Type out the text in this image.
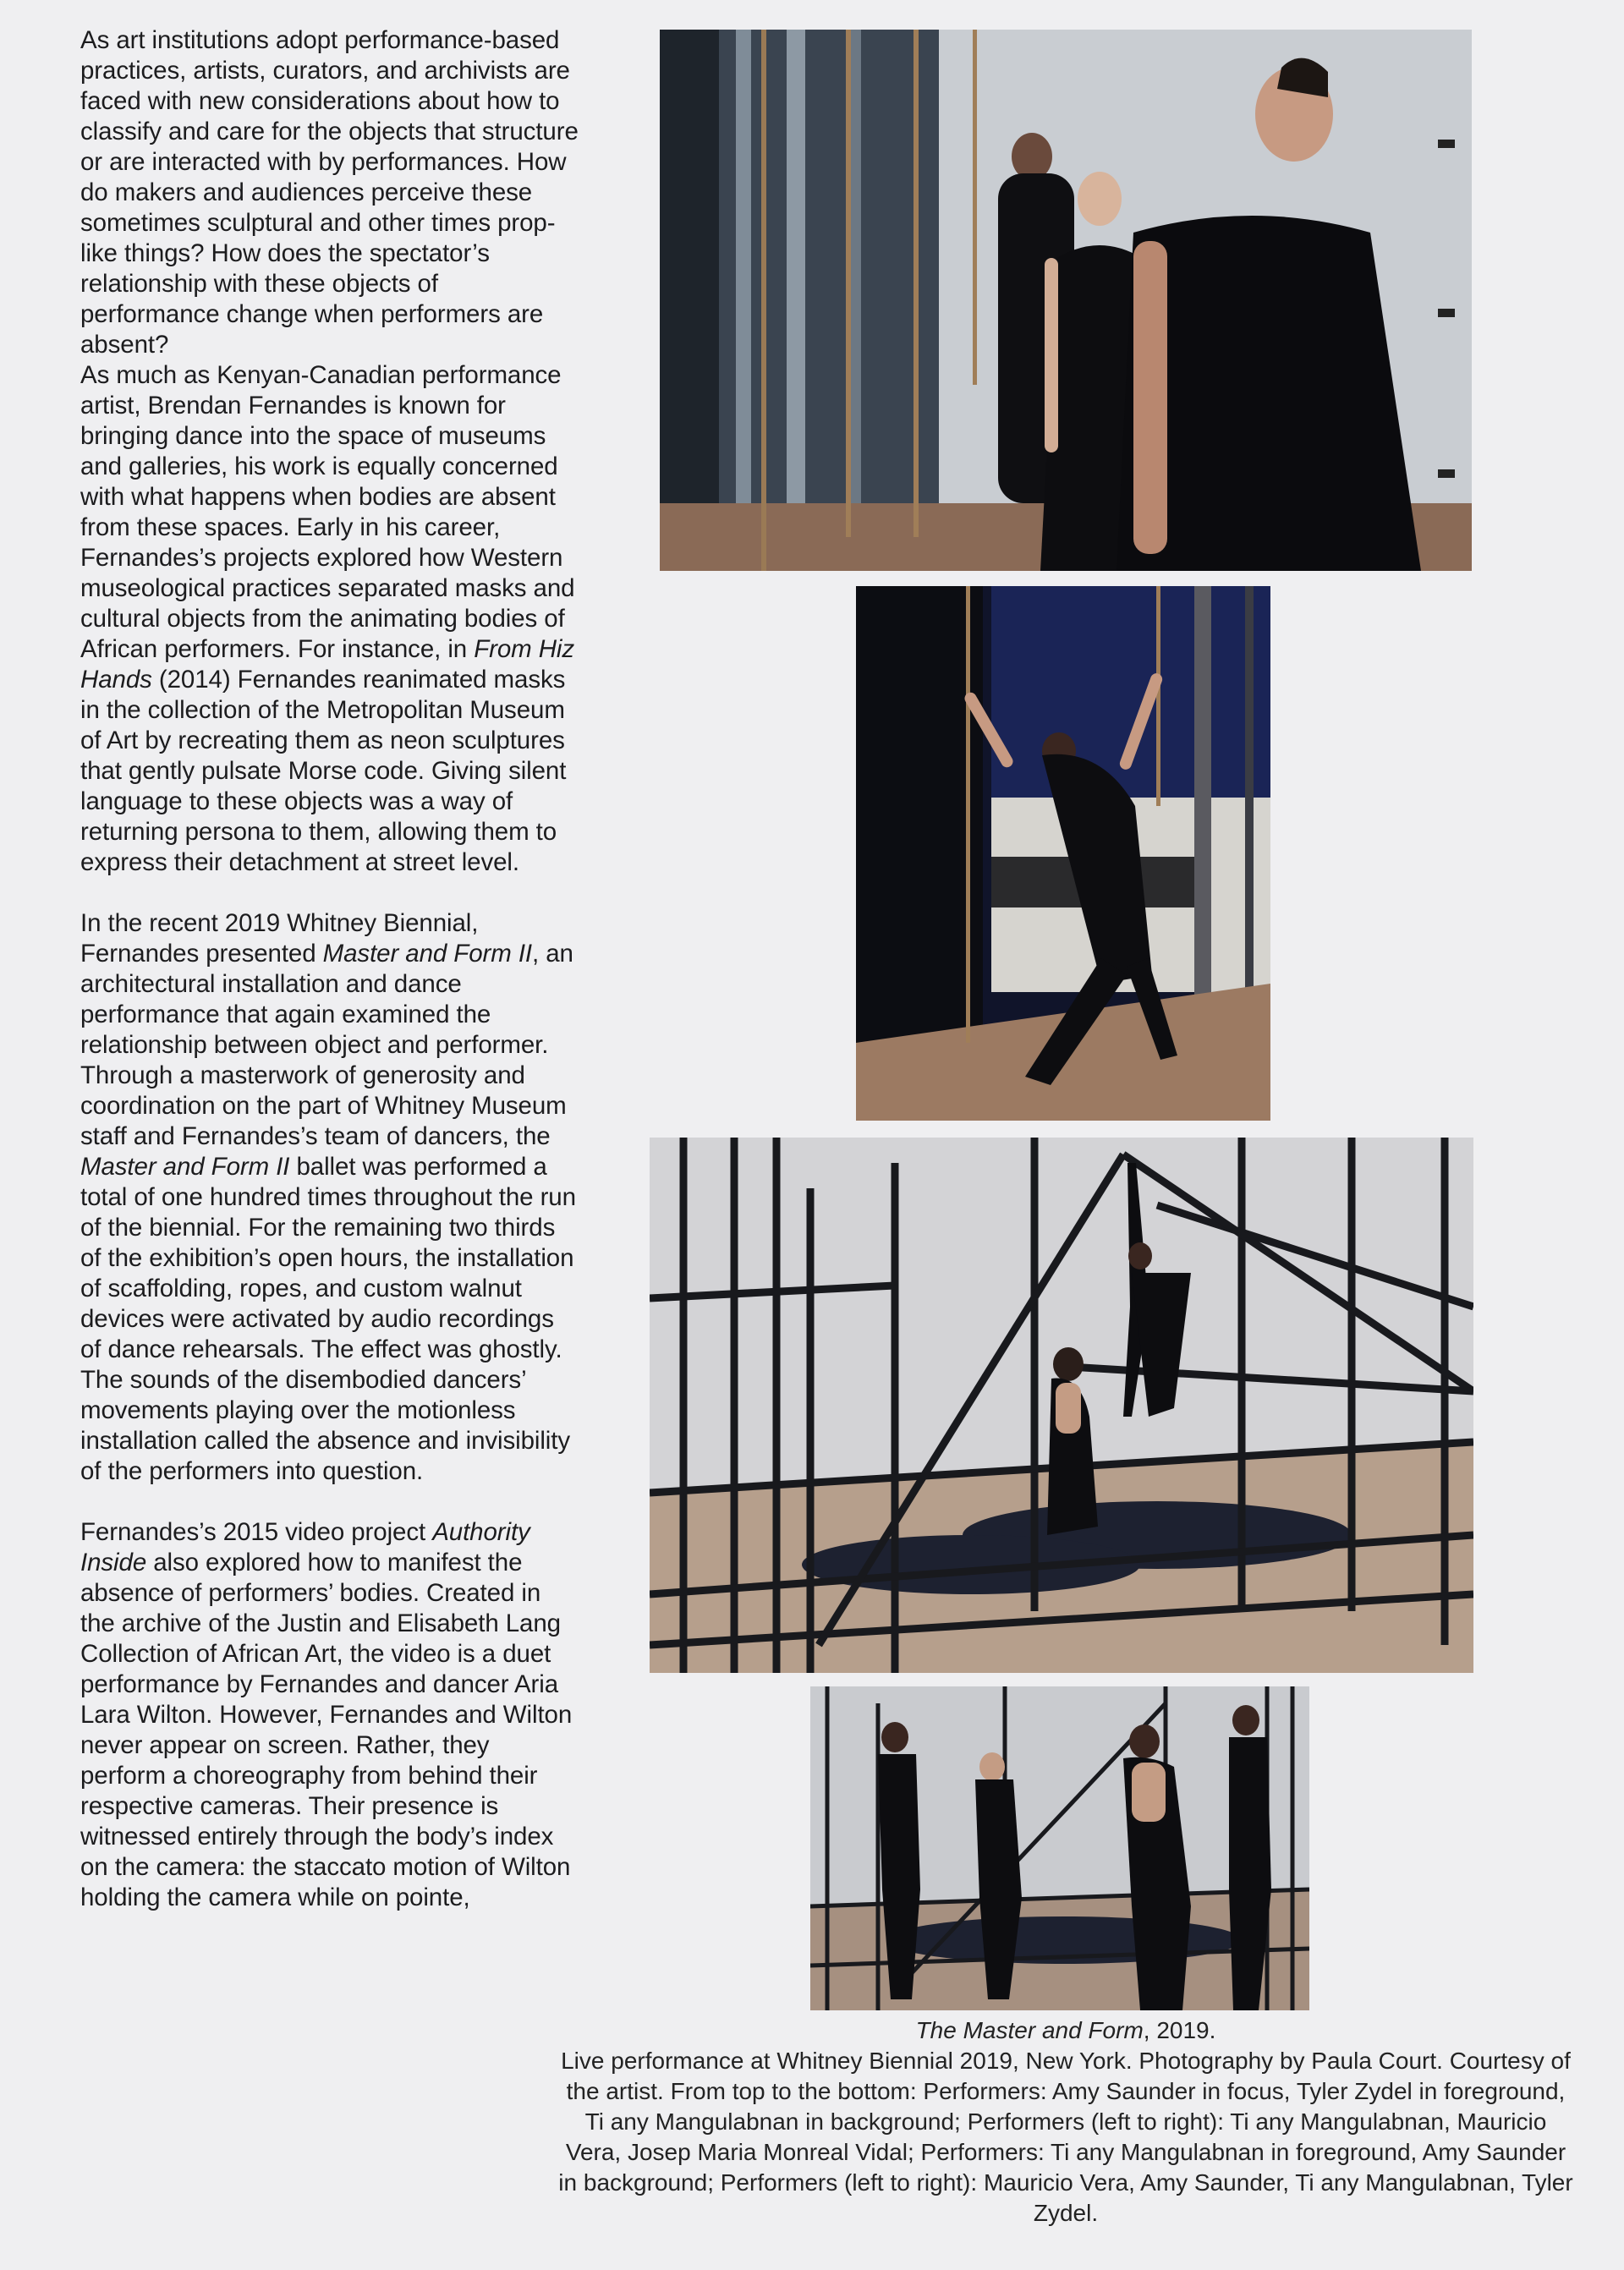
As art institutions adopt performance-based practices, artists, curators, and archivists are faced with new considerations about how to classify and care for the objects that structure or are interacted with by performances. How do makers and audiences perceive these sometimes sculptural and other times prop-like things? How does the spectator’s relationship with these objects of performance change when performers are absent?
As much as Kenyan-Canadian performance artist, Brendan Fernandes is known for bringing dance into the space of museums and galleries, his work is equally concerned with what happens when bodies are absent from these spaces. Early in his career, Fernandes’s projects explored how Western museological practices separated masks and cultural objects from the animating bodies of African performers. For instance, in From Hiz Hands (2014) Fernandes reanimated masks in the collection of the Metropolitan Museum of Art by recreating them as neon sculptures that gently pulsate Morse code. Giving silent language to these objects was a way of returning persona to them, allowing them to express their detachment at street level.

In the recent 2019 Whitney Biennial, Fernandes presented Master and Form II, an architectural installation and dance performance that again examined the relationship between object and performer. Through a masterwork of generosity and coordination on the part of Whitney Museum staff and Fernandes’s team of dancers, the Master and Form II ballet was performed a total of one hundred times throughout the run of the biennial. For the remaining two thirds of the exhibition’s open hours, the installation of scaffolding, ropes, and custom walnut devices were activated by audio recordings of dance rehearsals. The effect was ghostly. The sounds of the disembodied dancers’ movements playing over the motionless installation called the absence and invisibility of the performers into question.

Fernandes’s 2015 video project Authority Inside also explored how to manifest the absence of performers’ bodies. Created in the archive of the Justin and Elisabeth Lang Collection of African Art, the video is a duet performance by Fernandes and dancer Aria Lara Wilton. However, Fernandes and Wilton never appear on screen. Rather, they perform a choreography from behind their respective cameras. Their presence is witnessed entirely through the body’s index on the camera: the staccato motion of Wilton holding the camera while on pointe,

The Master and Form, 2019.
Live performance at Whitney Biennial 2019, New York. Photography by Paula Court. Courtesy of the artist. From top to the bottom: Performers: Amy Saunder in focus, Tyler Zydel in foreground, Ti any Mangulabnan in background; Performers (left to right): Ti any Mangulabnan, Mauricio Vera, Josep Maria Monreal Vidal; Performers: Ti any Mangulabnan in foreground, Amy Saunder in background; Performers (left to right): Mauricio Vera, Amy Saunder, Ti any Mangulabnan, Tyler Zydel.
